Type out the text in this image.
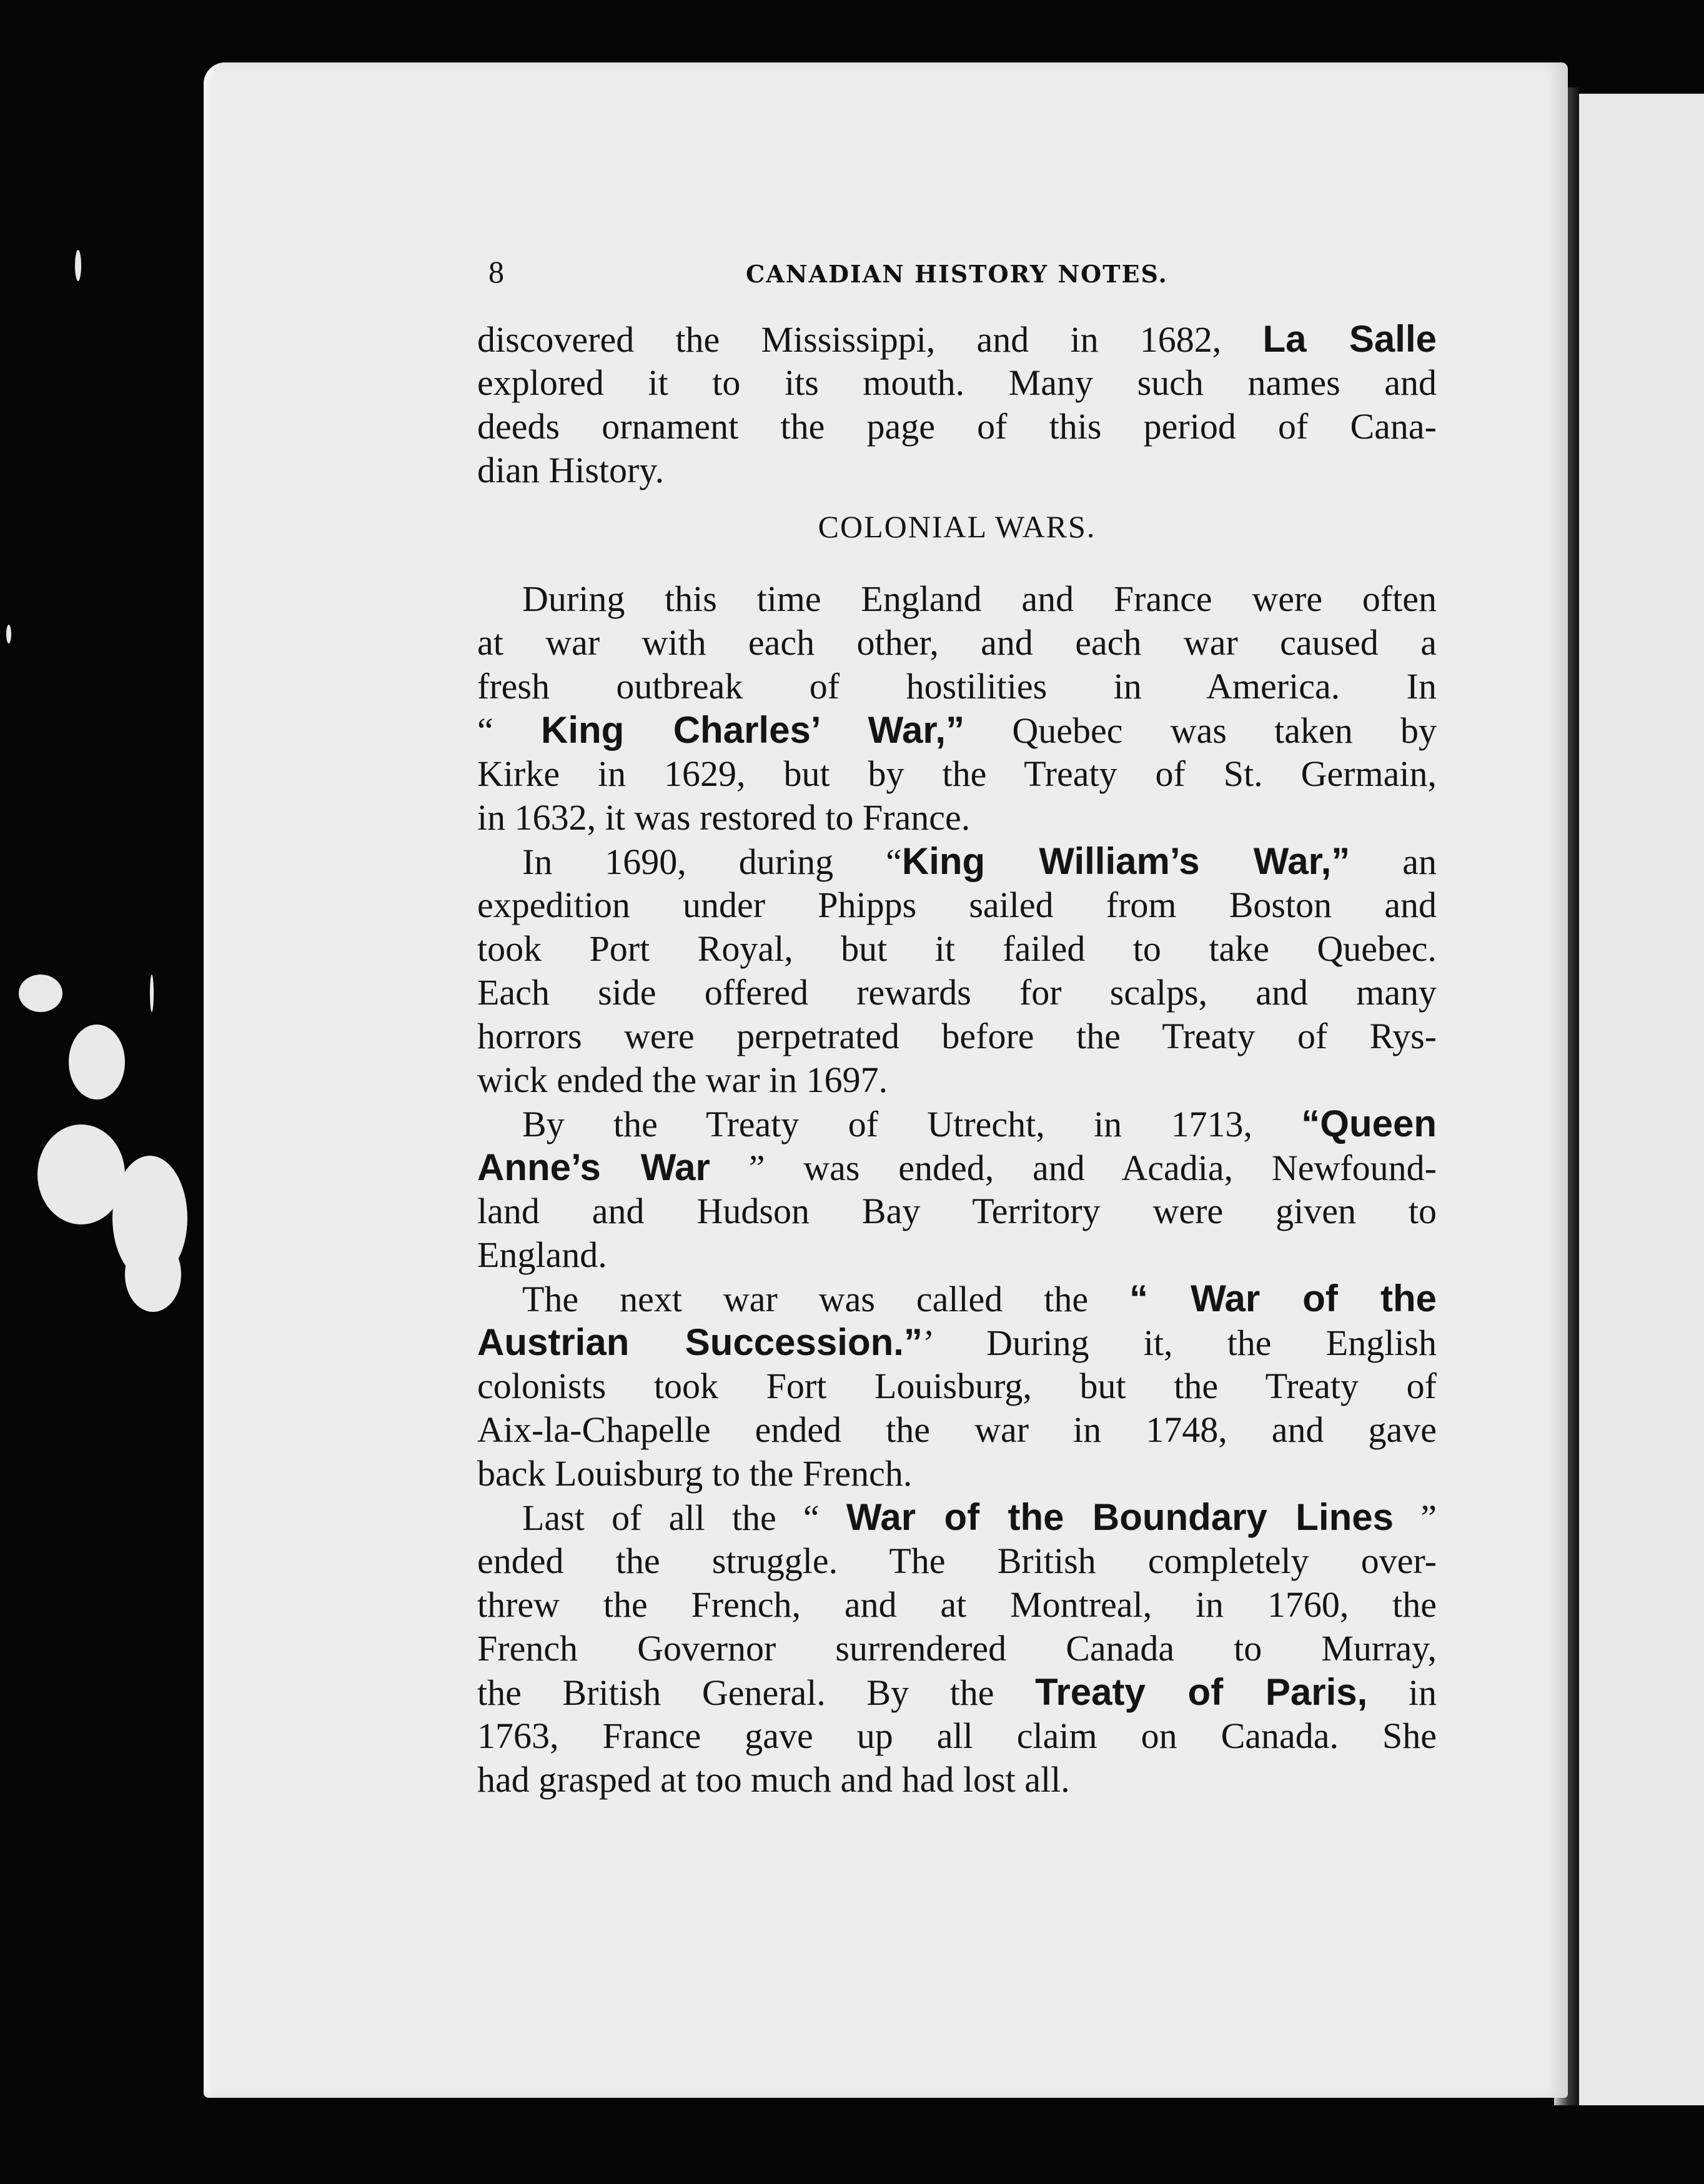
8	CANADIAN HISTORY NOTES.
discovered the Mississippi, and in 1682, La Salle
explored it to its mouth. Many such names and
deeds ornament the page of this period of Cana-
dian History.
COLONIAL WARS.
During this time England and France were often
at war with each other, and each war caused a
fresh outbreak of hostilities in America. In
“ King Charles’ War,” Quebec was taken by
Kirke in 1629, but by the Treaty of St. Germain,
in 1632, it was restored to France.
In 1690, during “King William’s War,” an
expedition under Phipps sailed from Boston and
took Port Royal, but it failed to take Quebec.
Each side offered rewards for scalps, and many
horrors were perpetrated before the Treaty of Rys-
wick ended the war in 1697.
By the Treaty of Utrecht, in 1713, “Queen
Anne’s War ” was ended, and Acadia, Newfound-
land and Hudson Bay Territory were given to
England.
The next war was called the “ War of the
Austrian Succession.”’ During it, the English
colonists took Fort Louisburg, but the Treaty of
Aix-la-Chapelle ended the war in 1748, and gave
back Louisburg to the French.
Last of all the “ War of the Boundary Lines ”
ended the struggle. The British completely over-
threw the French, and at Montreal, in 1760, the
French Governor surrendered Canada to Murray,
the British General. By the Treaty of Paris, in
1763, France gave up all claim on Canada. She
had grasped at too much and had lost all.
